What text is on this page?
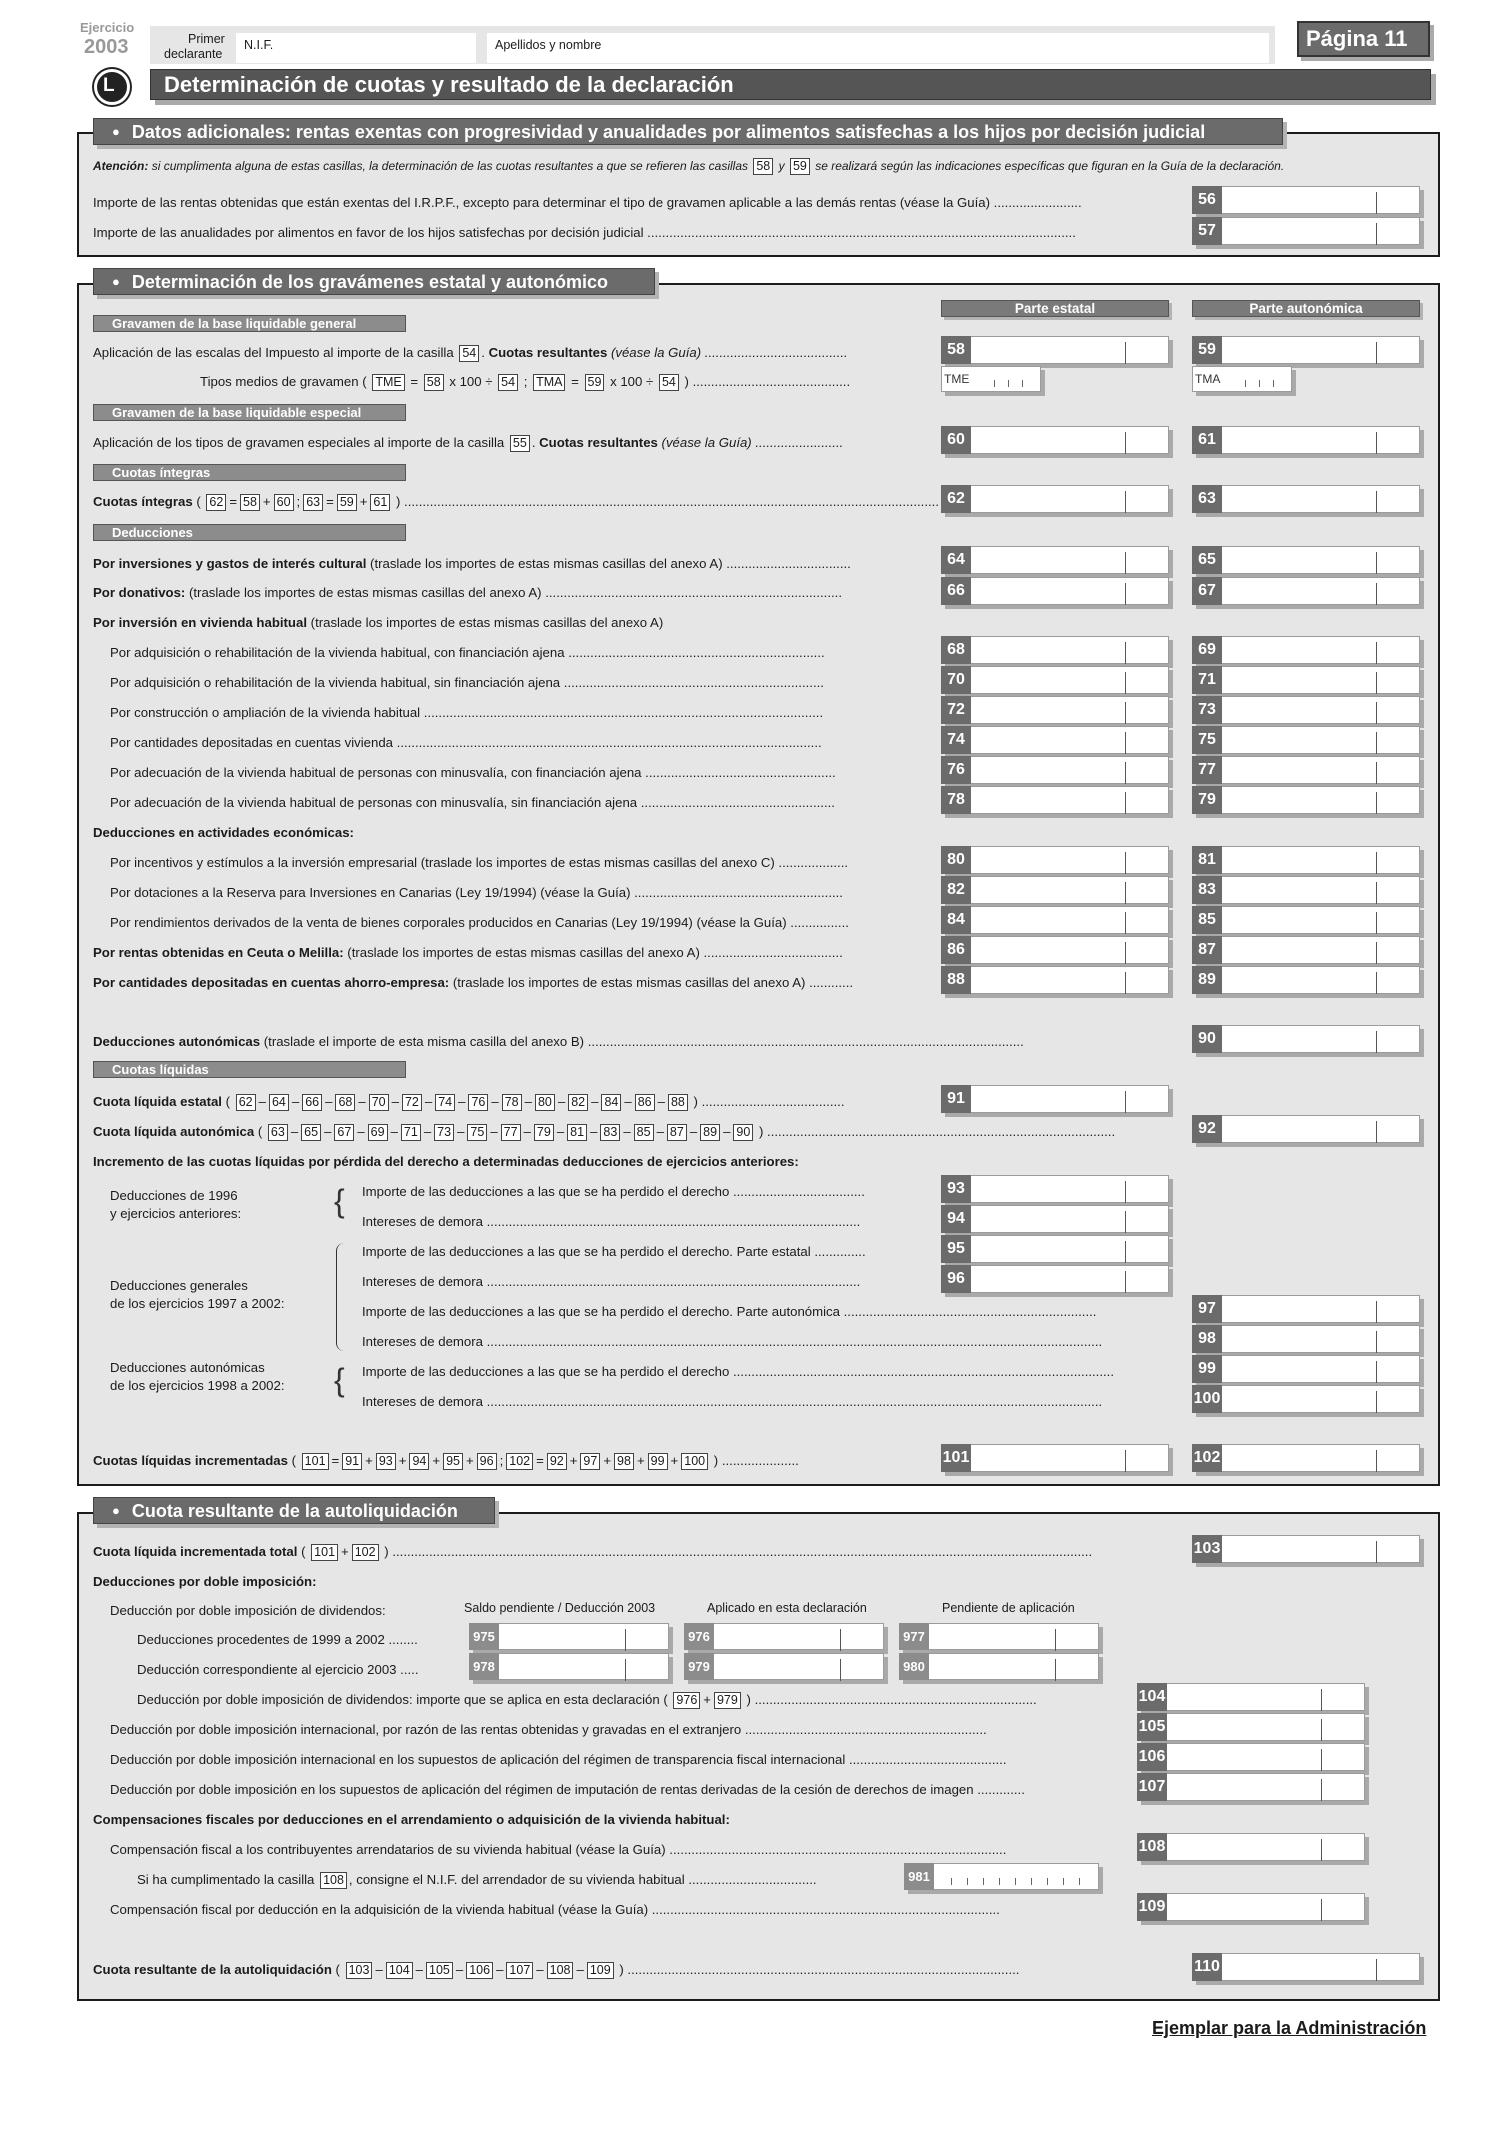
Ejercicio
2003	Primer
declarante
N.I.F.	Apellidos y nombre	Página 11
L Determinación de cuotas y resultado de la declaración
● Datos adicionales: rentas exentas con progresividad y anualidades por alimentos satisfechas a los hijos por decisión judicial
Atención: si cumplimenta alguna de estas casillas, la determinación de las cuotas resultantes a que se refieren las casillas 58 y 59 se realizará según las indicaciones específicas que figuran en la Guía de la declaración.
Importe de las rentas obtenidas que están exentas del I.R.P.F., excepto para determinar el tipo de gravamen aplicable a las demás rentas (véase la Guía) ........................	56
Importe de las anualidades por alimentos en favor de los hijos satisfechas por decisión judicial .....................................................................................................................	57
● Determinación de los gravámenes estatal y autonómico
Parte estatal	Parte autonómica
Gravamen de la base liquidable general
Aplicación de las escalas del Impuesto al importe de la casilla 54 . Cuotas resultantes (véase la Guía) .......................................	58	59
Tipos medios de gravamen ( TME = 58 x 100 ÷ 54 ; TMA = 59 x 100 ÷ 54 ) ...........................................	TME	TMA
Gravamen de la base liquidable especial
Aplicación de los tipos de gravamen especiales al importe de la casilla 55 . Cuotas resultantes (véase la Guía) ........................	60	61
Cuotas íntegras
Cuotas íntegras ( 62 = 58 + 60 ; 63 = 59 + 61 ) .................................................................................................................................................. 62	63
Deducciones
Por inversiones y gastos de interés cultural (traslade los importes de estas mismas casillas del anexo A) ..................................	64	65
Por donativos: (traslade los importes de estas mismas casillas del anexo A) .................................................................................	66	67
Por inversión en vivienda habitual (traslade los importes de estas mismas casillas del anexo A)
Por adquisición o rehabilitación de la vivienda habitual, con financiación ajena ......................................................................	68	69
Por adquisición o rehabilitación de la vivienda habitual, sin financiación ajena .......................................................................	70	71
Por construcción o ampliación de la vivienda habitual .............................................................................................................	72	73
Por cantidades depositadas en cuentas vivienda ....................................................................................................................	74	75
Por adecuación de la vivienda habitual de personas con minusvalía, con financiación ajena ....................................................	76	77
Por adecuación de la vivienda habitual de personas con minusvalía, sin financiación ajena .....................................................	78	79
Deducciones en actividades económicas:
Por incentivos y estímulos a la inversión empresarial (traslade los importes de estas mismas casillas del anexo C) ...................	80	81
Por dotaciones a la Reserva para Inversiones en Canarias (Ley 19/1994) (véase la Guía) .........................................................	82	83
Por rendimientos derivados de la venta de bienes corporales producidos en Canarias (Ley 19/1994) (véase la Guía) ................	84	85
Por rentas obtenidas en Ceuta o Melilla: (traslade los importes de estas mismas casillas del anexo A) ......................................	86	87
Por cantidades depositadas en cuentas ahorro-empresa: (traslade los importes de estas mismas casillas del anexo A) ............	88	89
Deducciones autonómicas (traslade el importe de esta misma casilla del anexo B) .......................................................................................................................	90
Cuotas líquidas
Cuota líquida estatal ( 62 – 64 – 66 – 68 – 70 – 72 – 74 – 76 – 78 – 80 – 82 – 84 – 86 – 88 ) .......................................	91
Cuota líquida autonómica ( 63 – 65 – 67 – 69 – 71 – 73 – 75 – 77 – 79 – 81 – 83 – 85 – 87 – 89 – 90 ) ...............................................................................................	92
Incremento de las cuotas líquidas por pérdida del derecho a determinadas deducciones de ejercicios anteriores:
Deducciones de 1996
y ejercicios anteriores:	{ Importe de las deducciones a las que se ha perdido el derecho ....................................	93
Intereses de demora ......................................................................................................	94
Deducciones generales
de los ejercicios 1997 a 2002:
Importe de las deducciones a las que se ha perdido el derecho. Parte estatal ..............	95
Intereses de demora ......................................................................................................	96
Importe de las deducciones a las que se ha perdido el derecho. Parte autonómica .....................................................................	97
Intereses de demora ........................................................................................................................................................................	98
Deducciones autonómicas
de los ejercicios 1998 a 2002: { Importe de las deducciones a las que se ha perdido el derecho ........................................................................................................	99
Intereses de demora ........................................................................................................................................................................	100
Cuotas líquidas incrementadas ( 101 = 91 + 93 + 94 + 95 + 96 ; 102 = 92 + 97 + 98 + 99 + 100 ) .....................	101	102
● Cuota resultante de la autoliquidación
Cuota líquida incrementada total ( 101 + 102 ) ...............................................................................................................................................................................................	103
Deducciones por doble imposición:
Deducción por doble imposición de dividendos:	Saldo pendiente / Deducción 2003	Aplicado en esta declaración	Pendiente de aplicación
Deducciones procedentes de 1999 a 2002 ........	975	976	977
Deducción correspondiente al ejercicio 2003 .....	978	979	980
Deducción por doble imposición de dividendos: importe que se aplica en esta declaración ( 976 + 979 ) .............................................................................	104
Deducción por doble imposición internacional, por razón de las rentas obtenidas y gravadas en el extranjero ..................................................................	105
Deducción por doble imposición internacional en los supuestos de aplicación del régimen de transparencia fiscal internacional ...........................................	106
Deducción por doble imposición en los supuestos de aplicación del régimen de imputación de rentas derivadas de la cesión de derechos de imagen .............	107
Compensaciones fiscales por deducciones en el arrendamiento o adquisición de la vivienda habitual:
Compensación fiscal a los contribuyentes arrendatarios de su vivienda habitual (véase la Guía) ............................................................................................	108
Si ha cumplimentado la casilla 108 , consigne el N.I.F. del arrendador de su vivienda habitual ...................................	981
Compensación fiscal por deducción en la adquisición de la vivienda habitual (véase la Guía) ...............................................................................................	109
Cuota resultante de la autoliquidación ( 103 – 104 – 105 – 106 – 107 – 108 – 109 ) ...........................................................................................................	110
Ejemplar para la Administración
